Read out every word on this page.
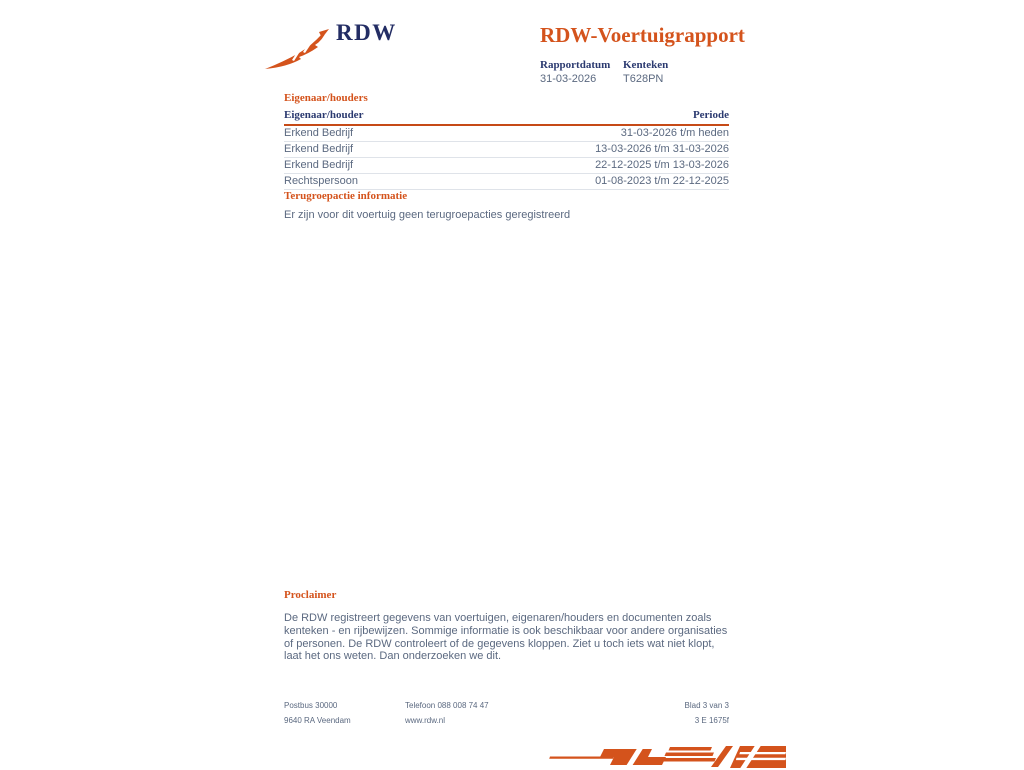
RDW	RDW-Voertuigrapport
Rapportdatum
31-03-2026
Kenteken
T628PN
Eigenaar/houders
Eigenaar/houder	Periode
Erkend Bedrijf	31-03-2026 t/m heden
Erkend Bedrijf	13-03-2026 t/m 31-03-2026
Erkend Bedrijf	22-12-2025 t/m 13-03-2026
Rechtspersoon	01-08-2023 t/m 22-12-2025
Terugroepactie informatie

Er zijn voor dit voertuig geen terugroepacties geregistreerd

Proclaimer

De RDW registreert gegevens van voertuigen, eigenaren/houders en documenten zoals kenteken - en rijbewijzen. Sommige informatie is ook beschikbaar voor andere organisaties of personen. De RDW controleert of de gegevens kloppen. Ziet u toch iets wat niet klopt, laat het ons weten. Dan onderzoeken we dit.

Postbus 30000
9640 RA Veendam
Telefoon 088 008 74 47
www.rdw.nl
Blad 3 van 3
3 E 1675f
